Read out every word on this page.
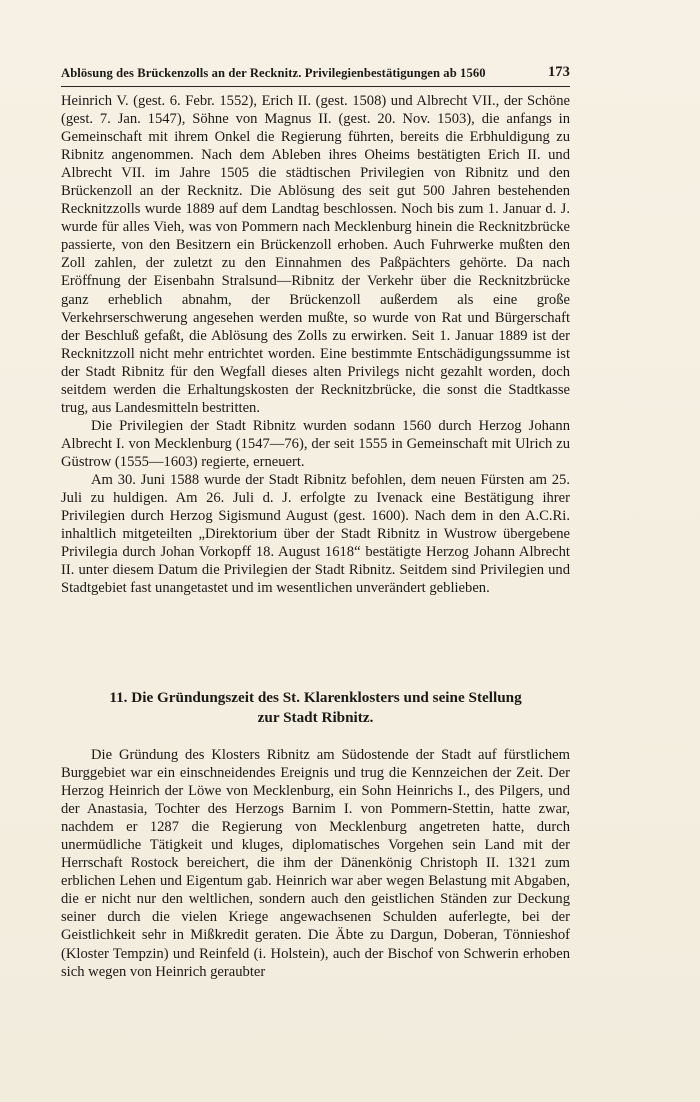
Ablösung des Brückenzolls an der Recknitz. Privilegienbestätigungen ab 1560	173

Heinrich V. (gest. 6. Febr. 1552), Erich II. (gest. 1508) und Albrecht VII., der Schöne (gest. 7. Jan. 1547), Söhne von Magnus II. (gest. 20. Nov. 1503), die anfangs in Gemeinschaft mit ihrem Onkel die Regierung führten, bereits die Erbhuldigung zu Ribnitz angenommen. Nach dem Ableben ihres Oheims bestätigten Erich II. und Albrecht VII. im Jahre 1505 die städtischen Privilegien von Ribnitz und den Brückenzoll an der Recknitz. Die Ablösung des seit gut 500 Jahren bestehenden Recknitzzolls wurde 1889 auf dem Landtag beschlossen. Noch bis zum 1. Januar d. J. wurde für alles Vieh, was von Pommern nach Mecklenburg hinein die Recknitzbrücke passierte, von den Besitzern ein Brückenzoll erhoben. Auch Fuhrwerke mußten den Zoll zahlen, der zuletzt zu den Einnahmen des Paßpächters gehörte. Da nach Eröffnung der Eisenbahn Stralsund—Ribnitz der Verkehr über die Recknitzbrücke ganz erheblich abnahm, der Brückenzoll außerdem als eine große Verkehrserschwerung angesehen werden mußte, so wurde von Rat und Bürgerschaft der Beschluß gefaßt, die Ablösung des Zolls zu erwirken. Seit 1. Januar 1889 ist der Recknitzzoll nicht mehr entrichtet worden. Eine bestimmte Entschädigungssumme ist der Stadt Ribnitz für den Wegfall dieses alten Privilegs nicht gezahlt worden, doch seitdem werden die Erhaltungskosten der Recknitzbrücke, die sonst die Stadtkasse trug, aus Landesmitteln bestritten.

Die Privilegien der Stadt Ribnitz wurden sodann 1560 durch Herzog Johann Albrecht I. von Mecklenburg (1547—76), der seit 1555 in Gemeinschaft mit Ulrich zu Güstrow (1555—1603) regierte, erneuert.

Am 30. Juni 1588 wurde der Stadt Ribnitz befohlen, dem neuen Fürsten am 25. Juli zu huldigen. Am 26. Juli d. J. erfolgte zu Ivenack eine Bestätigung ihrer Privilegien durch Herzog Sigismund August (gest. 1600). Nach dem in den A.C.Ri. inhaltlich mitgeteilten „Direktorium über der Stadt Ribnitz in Wustrow übergebene Privilegia durch Johan Vorkopff 18. August 1618“ bestätigte Herzog Johann Albrecht II. unter diesem Datum die Privilegien der Stadt Ribnitz. Seitdem sind Privilegien und Stadtgebiet fast unangetastet und im wesentlichen unverändert geblieben.

11. Die Gründungszeit des St. Klarenklosters und seine Stellung
zur Stadt Ribnitz.

Die Gründung des Klosters Ribnitz am Südostende der Stadt auf fürstlichem Burggebiet war ein einschneidendes Ereignis und trug die Kennzeichen der Zeit. Der Herzog Heinrich der Löwe von Mecklenburg, ein Sohn Heinrichs I., des Pilgers, und der Anastasia, Tochter des Herzogs Barnim I. von Pommern-Stettin, hatte zwar, nachdem er 1287 die Regierung von Mecklenburg angetreten hatte, durch unermüdliche Tätigkeit und kluges, diplomatisches Vorgehen sein Land mit der Herrschaft Rostock bereichert, die ihm der Dänenkönig Christoph II. 1321 zum erblichen Lehen und Eigentum gab. Heinrich war aber wegen Belastung mit Abgaben, die er nicht nur den weltlichen, sondern auch den geistlichen Ständen zur Deckung seiner durch die vielen Kriege angewachsenen Schulden auferlegte, bei der Geistlichkeit sehr in Mißkredit geraten. Die Äbte zu Dargun, Doberan, Tönnieshof (Kloster Tempzin) und Reinfeld (i. Holstein), auch der Bischof von Schwerin erhoben sich wegen von Heinrich geraubter
